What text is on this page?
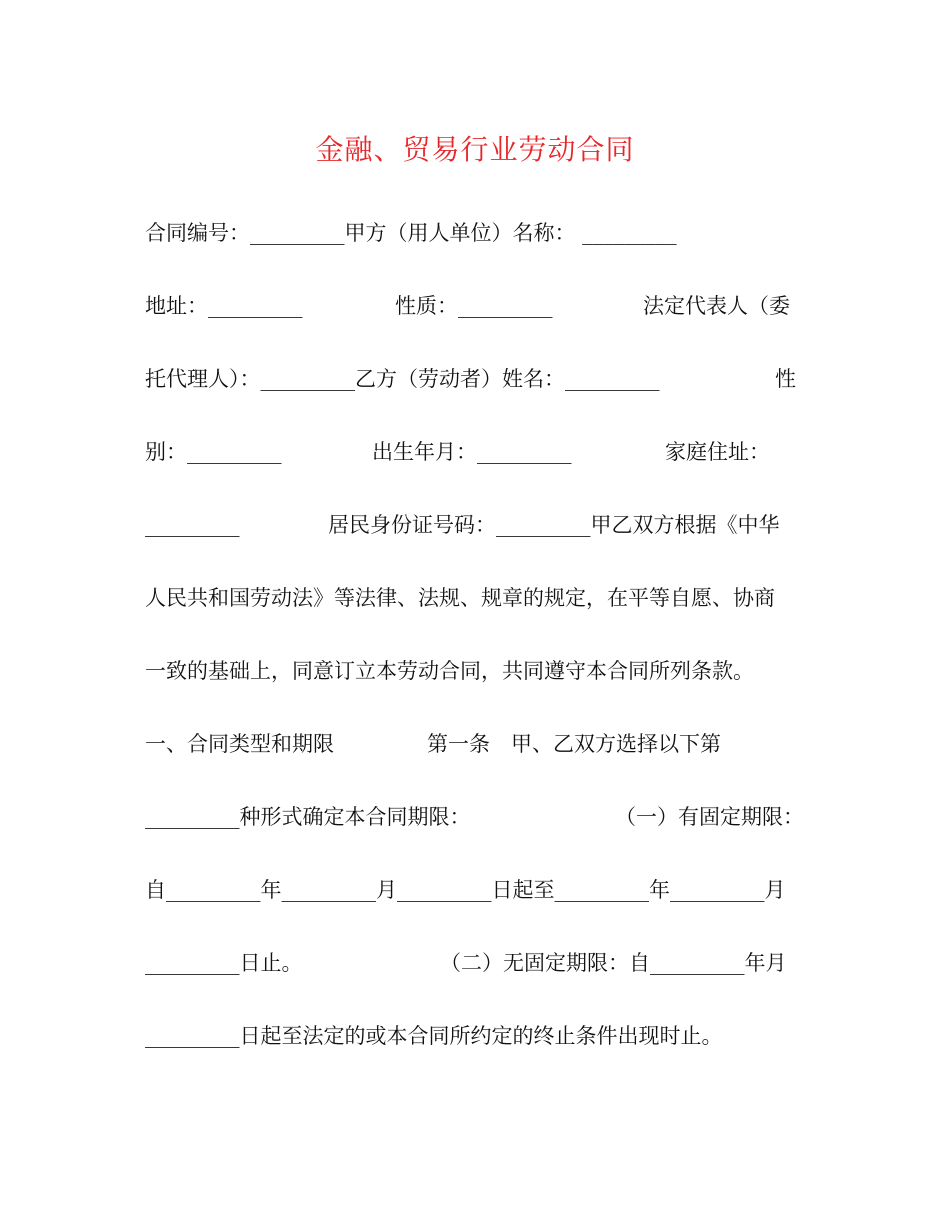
金融、贸易行业劳动合同
合同编号：_________甲方（用人单位）名称： _________
地址：_________	性质：_________	法定代表人（委
托代理人）：_________乙方（劳动者）姓名：_________	性
别：_________	出生年月：_________	家庭住址：
_________	居民身份证号码：_________甲乙双方根据《中华
人民共和国劳动法》等法律、法规、规章的规定，在平等自愿、协商
一致的基础上，同意订立本劳动合同，共同遵守本合同所列条款。
一、合同类型和期限	第一条　甲、乙双方选择以下第
_________种形式确定本合同期限：	（一）有固定期限：
自_________年_________月_________日起至_________年_________月
_________日止。	（二）无固定期限：自_________年月
_________日起至法定的或本合同所约定的终止条件出现时止。
